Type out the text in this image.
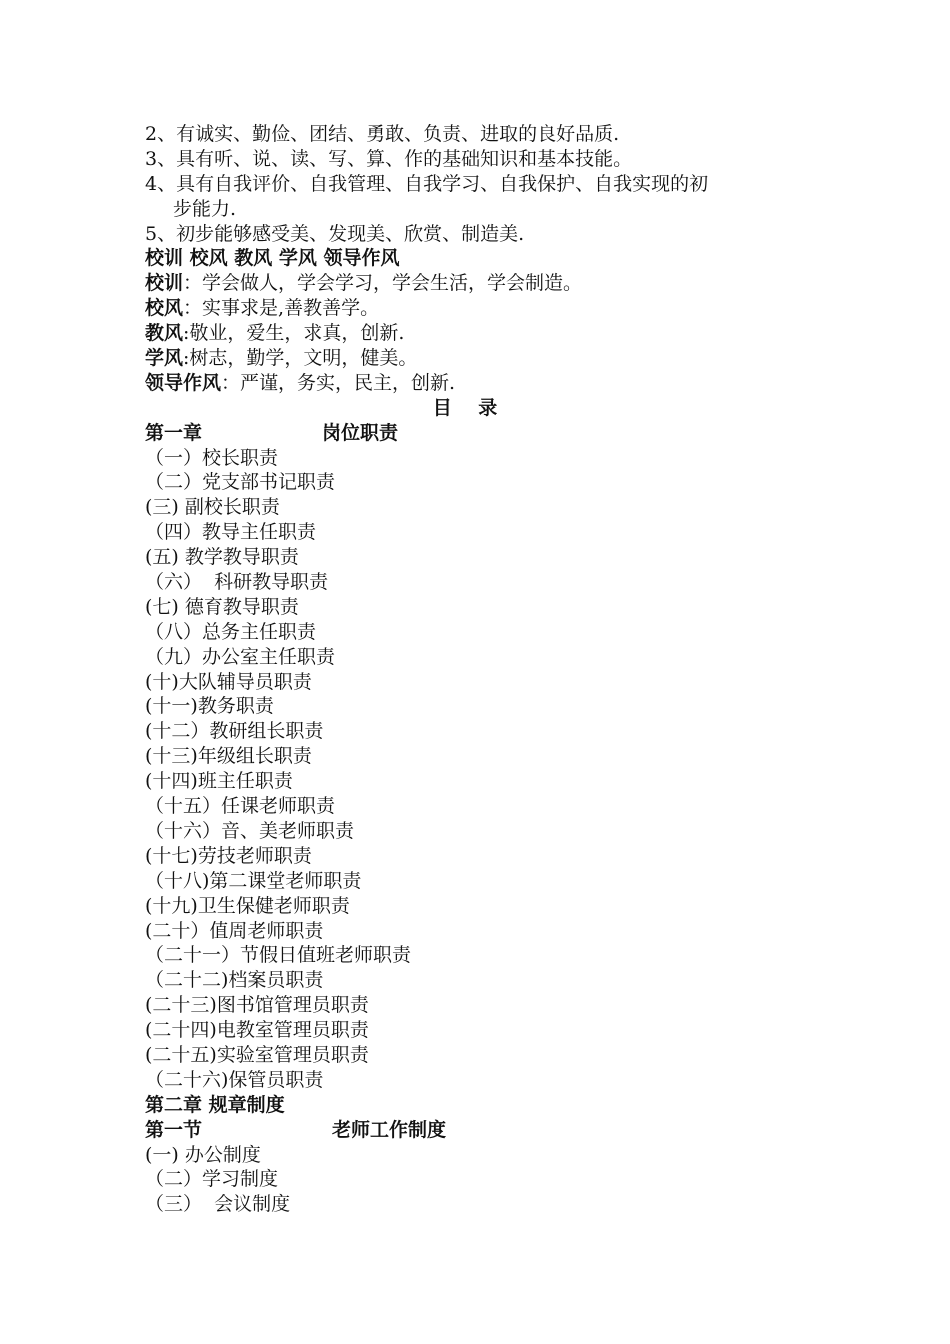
2、有诚实、勤俭、团结、勇敢、负责、进取的良好品质.
3、具有听、说、读、写、算、作的基础知识和基本技能。
4、具有自我评价、自我管理、自我学习、自我保护、自我实现的初
步能力.
5、初步能够感受美、发现美、欣赏、制造美.
校训 校风 教风 学风 领导作风
校训：学会做人，学会学习，学会生活，学会制造。
校风：实事求是,善教善学。
教风:敬业，爱生，求真，创新.
学风:树志，勤学，文明，健美。
领导作风：严谨，务实，民主，创新.
目    录
第一章	岗位职责
（一）校长职责
（二）党支部书记职责
(三) 副校长职责
（四）教导主任职责
(五) 教学教导职责
（六）  科研教导职责
(七) 德育教导职责
（八）总务主任职责
（九）办公室主任职责
(十)大队辅导员职责
(十一)教务职责
(十二）教研组长职责
(十三)年级组长职责
(十四)班主任职责
（十五）任课老师职责
（十六）音、美老师职责
(十七)劳技老师职责
（十八)第二课堂老师职责
(十九)卫生保健老师职责
(二十）值周老师职责
（二十一）节假日值班老师职责
（二十二)档案员职责
(二十三)图书馆管理员职责
(二十四)电教室管理员职责
(二十五)实验室管理员职责
（二十六)保管员职责
第二章 规章制度
第一节	老师工作制度
(一) 办公制度
（二）学习制度
（三）  会议制度
